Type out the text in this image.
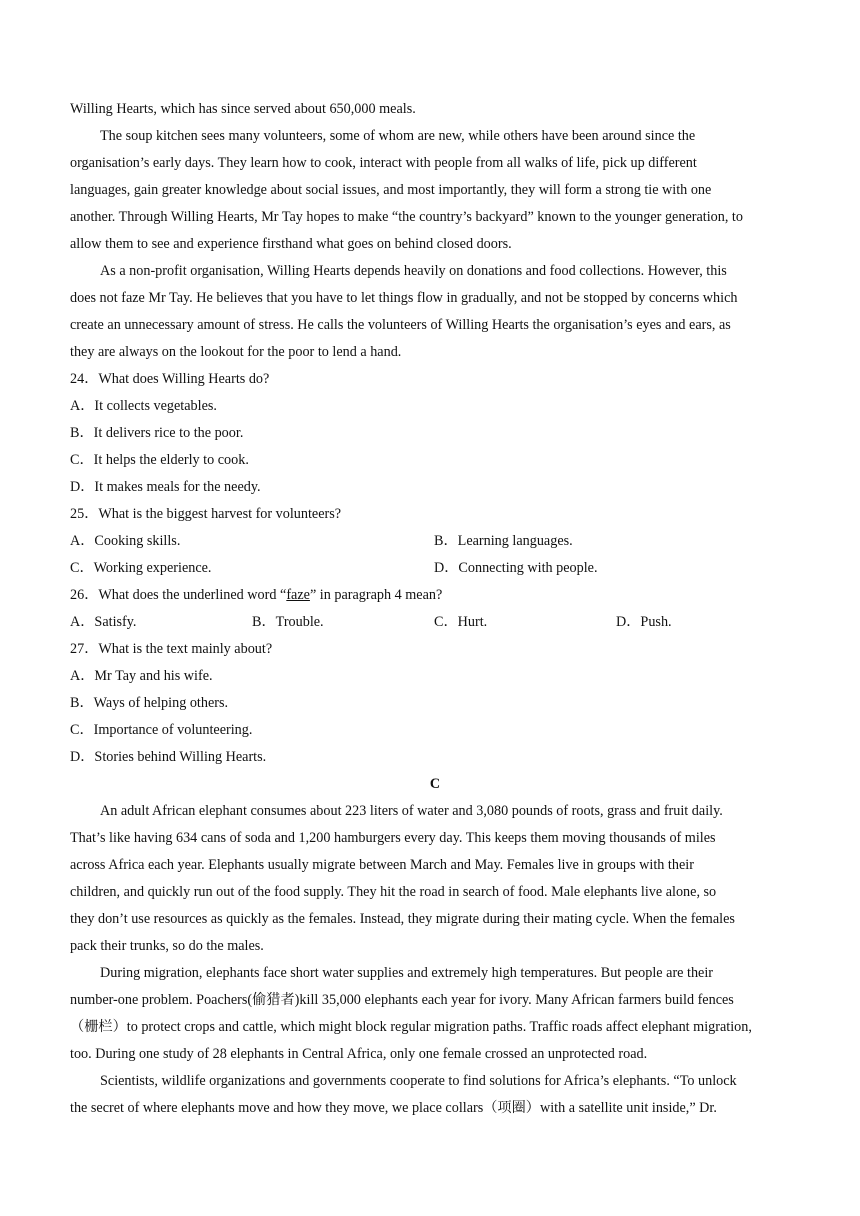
Willing Hearts, which has since served about 650,000 meals.
The soup kitchen sees many volunteers, some of whom are new, while others have been around since the
organisation’s early days. They learn how to cook, interact with people from all walks of life, pick up different
languages, gain greater knowledge about social issues, and most importantly, they will form a strong tie with one
another. Through Willing Hearts, Mr Tay hopes to make “the country’s backyard” known to the younger generation, to
allow them to see and experience firsthand what goes on behind closed doors.
As a non-profit organisation, Willing Hearts depends heavily on donations and food collections. However, this
does not faze Mr Tay. He believes that you have to let things flow in gradually, and not be stopped by concerns which
create an unnecessary amount of stress. He calls the volunteers of Willing Hearts the organisation’s eyes and ears, as
they are always on the lookout for the poor to lend a hand.
24．What does Willing Hearts do?
A．It collects vegetables.
B．It delivers rice to the poor.
C．It helps the elderly to cook.
D．It makes meals for the needy.
25．What is the biggest harvest for volunteers?
A．Cooking skills.	B．Learning languages.
C．Working experience.	D．Connecting with people.
26．What does the underlined word “faze” in paragraph 4 mean?
A．Satisfy.	B．Trouble.	C．Hurt.	D．Push.
27．What is the text mainly about?
A．Mr Tay and his wife.
B．Ways of helping others.
C．Importance of volunteering.
D．Stories behind Willing Hearts.
C
An adult African elephant consumes about 223 liters of water and 3,080 pounds of roots, grass and fruit daily.
That’s like having 634 cans of soda and 1,200 hamburgers every day. This keeps them moving thousands of miles
across Africa each year. Elephants usually migrate between March and May. Females live in groups with their
children, and quickly run out of the food supply. They hit the road in search of food. Male elephants live alone, so
they don’t use resources as quickly as the females. Instead, they migrate during their mating cycle. When the females
pack their trunks, so do the males.
During migration, elephants face short water supplies and extremely high temperatures. But people are their
number-one problem. Poachers(偷猎者)kill 35,000 elephants each year for ivory. Many African farmers build fences
（栅栏）to protect crops and cattle, which might block regular migration paths. Traffic roads affect elephant migration,
too. During one study of 28 elephants in Central Africa, only one female crossed an unprotected road.
Scientists, wildlife organizations and governments cooperate to find solutions for Africa’s elephants. “To unlock
the secret of where elephants move and how they move, we place collars（项圈）with a satellite unit inside,” Dr.
